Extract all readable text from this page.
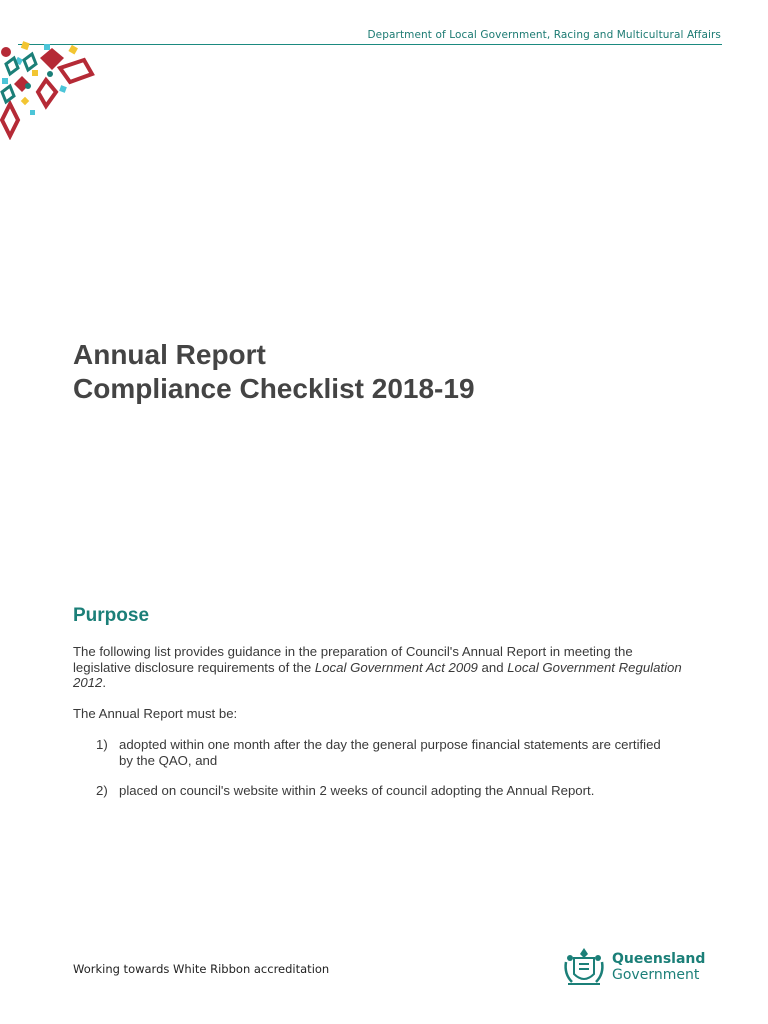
Department of Local Government, Racing and Multicultural Affairs
Annual Report
Compliance Checklist 2018-19
Purpose

The following list provides guidance in the preparation of Council's Annual Report in meeting the legislative disclosure requirements of the Local Government Act 2009 and Local Government Regulation 2012.

The Annual Report must be:

1) adopted within one month after the day the general purpose financial statements are certified by the QAO, and
2) placed on council's website within 2 weeks of council adopting the Annual Report.
Working towards White Ribbon accreditation
Queensland
Government
